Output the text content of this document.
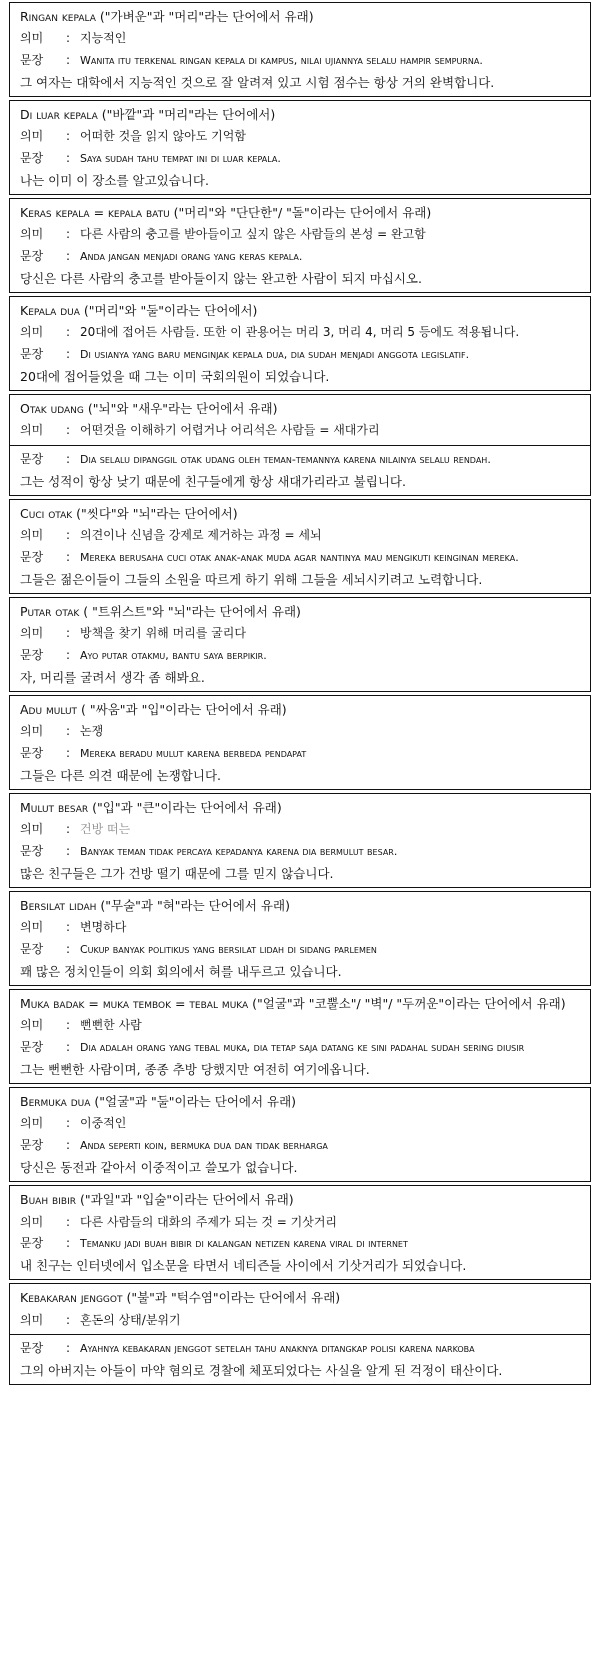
Ringan kepala ("가벼운"과 "머리"라는 단어에서 유래)
의미	: 지능적인
문장	: Wanita itu terkenal ringan kepala di kampus, nilai ujiannya selalu hampir sempurna.
그 여자는 대학에서 지능적인 것으로 잘 알려져 있고 시험 점수는 항상 거의 완벽합니다.
Di luar kepala ("바깥"과 "머리"라는 단어에서)
의미	: 어떠한 것을 읽지 않아도 기억함
문장	: Saya sudah tahu tempat ini di luar kepala.
나는 이미 이 장소를 알고있습니다.
Keras kepala = kepala batu ("머리"와 "단단한"/ "돌"이라는 단어에서 유래)
의미	: 다른 사람의 충고를 받아들이고 싶지 않은 사람들의 본성 = 완고함
문장	: Anda jangan menjadi orang yang keras kepala.
당신은 다른 사람의 충고를 받아들이지 않는 완고한 사람이 되지 마십시오.
Kepala dua ("머리"와 "둘"이라는 단어에서)
의미	: 20대에 접어든 사람들. 또한 이 관용어는 머리 3, 머리 4, 머리 5 등에도 적용됩니다.
문장	: Di usianya yang baru menginjak kepala dua, dia sudah menjadi anggota legislatif.
20대에 접어들었을 때 그는 이미 국회의원이 되었습니다.
Otak udang ("뇌"와 "새우"라는 단어에서 유래)
의미	: 어떤것을 이해하기 어렵거나 어리석은 사람들 = 새대가리
문장	: Dia selalu dipanggil otak udang oleh teman-temannya karena nilainya selalu rendah.
그는 성적이 항상 낮기 때문에 친구들에게 항상 새대가리라고 불립니다.
Cuci otak ("씻다"와 "뇌"라는 단어에서)
의미	: 의견이나 신념을 강제로 제거하는 과정 = 세뇌
문장	: Mereka berusaha cuci otak anak-anak muda agar nantinya mau mengikuti keinginan mereka.
그들은 젊은이들이 그들의 소원을 따르게 하기 위해 그들을 세뇌시키려고 노력합니다.
Putar otak ( "트위스트"와 "뇌"라는 단어에서 유래)
의미	: 방책을 찾기 위해 머리를 굴리다
문장	: Ayo putar otakmu, bantu saya berpikir.
자, 머리를 굴려서 생각 좀 해봐요.
Adu mulut ( "싸움"과 "입"이라는 단어에서 유래)
의미	: 논쟁
문장	: Mereka beradu mulut karena berbeda pendapat
그들은 다른 의견 때문에 논쟁합니다.
Mulut besar ("입"과 "큰"이라는 단어에서 유래)
의미	: 건방 떠는
문장	: Banyak teman tidak percaya kepadanya karena dia bermulut besar.
많은 친구들은 그가 건방 떨기 때문에 그를 믿지 않습니다.
Bersilat lidah ("무술"과 "혀"라는 단어에서 유래)
의미	: 변명하다
문장	: Cukup banyak politikus yang bersilat lidah di sidang parlemen
꽤 많은 정치인들이 의회 회의에서 혀를 내두르고 있습니다.
Muka badak = muka tembok = tebal muka ("얼굴"과 "코뿔소"/ "벽"/ "두꺼운"이라는 단어에서 유래)
의미	: 뻔뻔한 사람
문장	: Dia adalah orang yang tebal muka, dia tetap saja datang ke sini padahal sudah sering diusir
그는 뻔뻔한 사람이며, 종종 추방 당했지만 여전히 여기에옵니다.
Bermuka dua ("얼굴"과 "둘"이라는 단어에서 유래)
의미	: 이중적인
문장	: Anda seperti koin, bermuka dua dan tidak berharga
당신은 동전과 같아서 이중적이고 쓸모가 없습니다.
Buah bibir ("과일"과 "입술"이라는 단어에서 유래)
의미	: 다른 사람들의 대화의 주제가 되는 것 = 기삿거리
문장	: Temanku jadi buah bibir di kalangan netizen karena viral di internet
내 친구는 인터넷에서 입소문을 타면서 네티즌들 사이에서 기삿거리가 되었습니다.
Kebakaran jenggot ("불"과 "턱수염"이라는 단어에서 유래)
의미	: 혼돈의 상태/분위기
문장	: Ayahnya kebakaran jenggot setelah tahu anaknya ditangkap polisi karena narkoba
그의 아버지는 아들이 마약 혐의로 경찰에 체포되었다는 사실을 알게 된 걱정이 태산이다.
